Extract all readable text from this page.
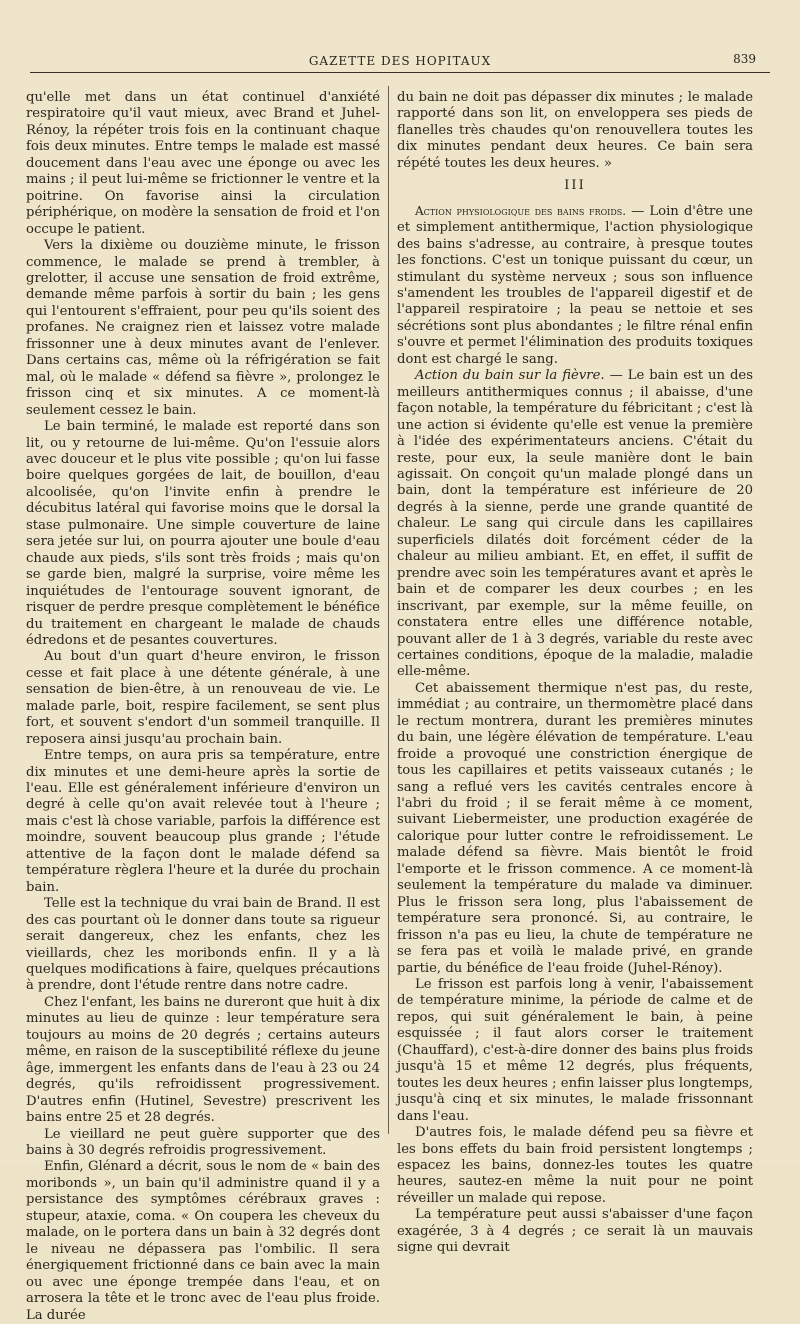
GAZETTE DES HOPITAUX	839

qu'elle met dans un état continuel d'anxiété respiratoire qu'il vaut mieux, avec Brand et Juhel-Rénoy, la répéter trois fois en la continuant chaque fois deux minutes. Entre temps le malade est massé doucement dans l'eau avec une éponge ou avec les mains ; il peut lui-même se frictionner le ventre et la poitrine. On favorise ainsi la circulation périphérique, on modère la sensation de froid et l'on occupe le patient.

Vers la dixième ou douzième minute, le frisson commence, le malade se prend à trembler, à grelotter, il accuse une sensation de froid extrême, demande même parfois à sortir du bain ; les gens qui l'entourent s'effraient, pour peu qu'ils soient des profanes. Ne craignez rien et laissez votre malade frissonner une à deux minutes avant de l'enlever. Dans certains cas, même où la réfrigération se fait mal, où le malade « défend sa fièvre », prolongez le frisson cinq et six minutes. A ce moment-là seulement cessez le bain.

Le bain terminé, le malade est reporté dans son lit, ou y retourne de lui-même. Qu'on l'essuie alors avec douceur et le plus vite possible ; qu'on lui fasse boire quelques gorgées de lait, de bouillon, d'eau alcoolisée, qu'on l'invite enfin à prendre le décubitus latéral qui favorise moins que le dorsal la stase pulmonaire. Une simple couverture de laine sera jetée sur lui, on pourra ajouter une boule d'eau chaude aux pieds, s'ils sont très froids ; mais qu'on se garde bien, malgré la surprise, voire même les inquiétudes de l'entourage souvent ignorant, de risquer de perdre presque complètement le bénéfice du traitement en chargeant le malade de chauds édredons et de pesantes couvertures.

Au bout d'un quart d'heure environ, le frisson cesse et fait place à une détente générale, à une sensation de bien-être, à un renouveau de vie. Le malade parle, boit, respire facilement, se sent plus fort, et souvent s'endort d'un sommeil tranquille. Il reposera ainsi jusqu'au prochain bain.

Entre temps, on aura pris sa température, entre dix minutes et une demi-heure après la sortie de l'eau. Elle est généralement inférieure d'environ un degré à celle qu'on avait relevée tout à l'heure ; mais c'est là chose variable, parfois la différence est moindre, souvent beaucoup plus grande ; l'étude attentive de la façon dont le malade défend sa température règlera l'heure et la durée du prochain bain.

Telle est la technique du vrai bain de Brand. Il est des cas pourtant où le donner dans toute sa rigueur serait dangereux, chez les enfants, chez les vieillards, chez les moribonds enfin. Il y a là quelques modifications à faire, quelques précautions à prendre, dont l'étude rentre dans notre cadre.

Chez l'enfant, les bains ne dureront que huit à dix minutes au lieu de quinze : leur température sera toujours au moins de 20 degrés ; certains auteurs même, en raison de la susceptibilité réflexe du jeune âge, immergent les enfants dans de l'eau à 23 ou 24 degrés, qu'ils refroidissent progressivement. D'autres enfin (Hutinel, Sevestre) prescrivent les bains entre 25 et 28 degrés.

Le vieillard ne peut guère supporter que des bains à 30 degrés refroidis progressivement.

Enfin, Glénard a décrit, sous le nom de « bain des moribonds », un bain qu'il administre quand il y a persistance des symptômes cérébraux graves : stupeur, ataxie, coma. « On coupera les cheveux du malade, on le portera dans un bain à 32 degrés dont le niveau ne dépassera pas l'ombilic. Il sera énergiquement frictionné dans ce bain avec la main ou avec une éponge trempée dans l'eau, et on arrosera la tête et le tronc avec de l'eau plus froide. La durée

du bain ne doit pas dépasser dix minutes ; le malade rapporté dans son lit, on enveloppera ses pieds de flanelles très chaudes qu'on renouvellera toutes les dix minutes pendant deux heures. Ce bain sera répété toutes les deux heures. »

III

Action physiologique des bains froids. — Loin d'être une et simplement antithermique, l'action physiologique des bains s'adresse, au contraire, à presque toutes les fonctions. C'est un tonique puissant du cœur, un stimulant du système nerveux ; sous son influence s'amendent les troubles de l'appareil digestif et de l'appareil respiratoire ; la peau se nettoie et ses sécrétions sont plus abondantes ; le filtre rénal enfin s'ouvre et permet l'élimination des produits toxiques dont est chargé le sang.

Action du bain sur la fièvre. — Le bain est un des meilleurs antithermiques connus ; il abaisse, d'une façon notable, la température du fébricitant ; c'est là une action si évidente qu'elle est venue la première à l'idée des expérimentateurs anciens. C'était du reste, pour eux, la seule manière dont le bain agissait. On conçoit qu'un malade plongé dans un bain, dont la température est inférieure de 20 degrés à la sienne, perde une grande quantité de chaleur. Le sang qui circule dans les capillaires superficiels dilatés doit forcément céder de la chaleur au milieu ambiant. Et, en effet, il suffit de prendre avec soin les températures avant et après le bain et de comparer les deux courbes ; en les inscrivant, par exemple, sur la même feuille, on constatera entre elles une différence notable, pouvant aller de 1 à 3 degrés, variable du reste avec certaines conditions, époque de la maladie, maladie elle-même.

Cet abaissement thermique n'est pas, du reste, immédiat ; au contraire, un thermomètre placé dans le rectum montrera, durant les premières minutes du bain, une légère élévation de température. L'eau froide a provoqué une constriction énergique de tous les capillaires et petits vaisseaux cutanés ; le sang a reflué vers les cavités centrales encore à l'abri du froid ; il se ferait même à ce moment, suivant Liebermeister, une production exagérée de calorique pour lutter contre le refroidissement. Le malade défend sa fièvre. Mais bientôt le froid l'emporte et le frisson commence. A ce moment-là seulement la température du malade va diminuer. Plus le frisson sera long, plus l'abaissement de température sera prononcé. Si, au contraire, le frisson n'a pas eu lieu, la chute de température ne se fera pas et voilà le malade privé, en grande partie, du bénéfice de l'eau froide (Juhel-Rénoy).

Le frisson est parfois long à venir, l'abaissement de température minime, la période de calme et de repos, qui suit généralement le bain, à peine esquissée ; il faut alors corser le traitement (Chauffard), c'est-à-dire donner des bains plus froids jusqu'à 15 et même 12 degrés, plus fréquents, toutes les deux heures ; enfin laisser plus longtemps, jusqu'à cinq et six minutes, le malade frissonnant dans l'eau.

D'autres fois, le malade défend peu sa fièvre et les bons effets du bain froid persistent longtemps ; espacez les bains, donnez-les toutes les quatre heures, sautez-en même la nuit pour ne point réveiller un malade qui repose.

La température peut aussi s'abaisser d'une façon exagérée, 3 à 4 degrés ; ce serait là un mauvais signe qui devrait
